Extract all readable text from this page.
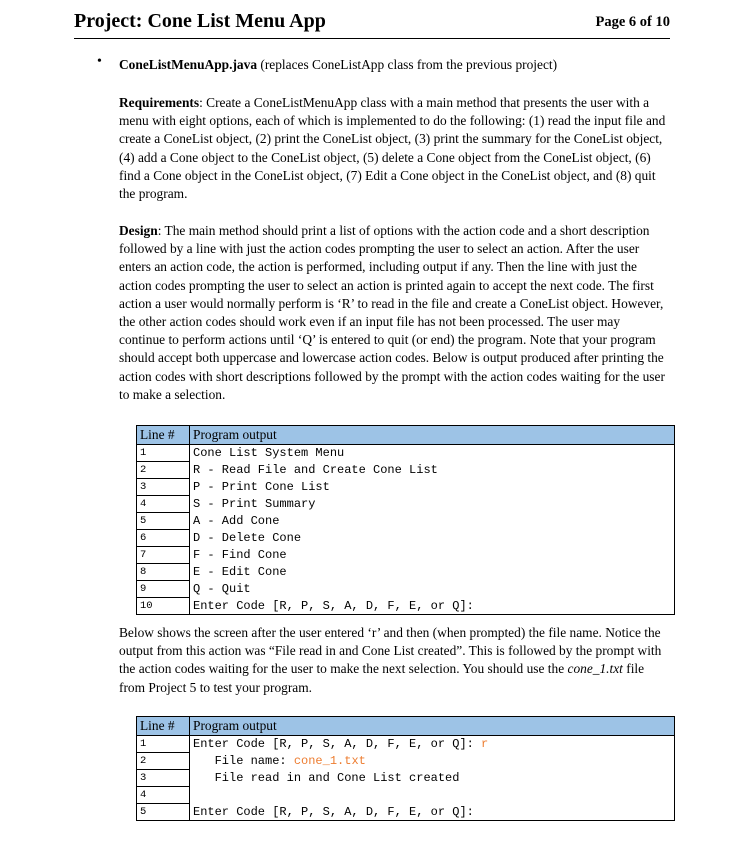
Project: Cone List Menu App	Page 6 of 10
• ConeListMenuApp.java (replaces ConeListApp class from the previous project)

Requirements: Create a ConeListMenuApp class with a main method that presents the user with a menu with eight options, each of which is implemented to do the following: (1) read the input file and create a ConeList object, (2) print the ConeList object, (3) print the summary for the ConeList object, (4) add a Cone object to the ConeList object, (5) delete a Cone object from the ConeList object, (6) find a Cone object in the ConeList object, (7) Edit a Cone object in the ConeList object, and (8) quit the program.

Design: The main method should print a list of options with the action code and a short description followed by a line with just the action codes prompting the user to select an action. After the user enters an action code, the action is performed, including output if any. Then the line with just the action codes prompting the user to select an action is printed again to accept the next code. The first action a user would normally perform is ‘R’ to read in the file and create a ConeList object. However, the other action codes should work even if an input file has not been processed. The user may continue to perform actions until ‘Q’ is entered to quit (or end) the program. Note that your program should accept both uppercase and lowercase action codes. Below is output produced after printing the action codes with short descriptions followed by the prompt with the action codes waiting for the user to make a selection.

Line #	Program output
1	Cone List System Menu
2	R - Read File and Create Cone List
3	P - Print Cone List
4	S - Print Summary
5	A - Add Cone
6	D - Delete Cone
7	F - Find Cone
8	E - Edit Cone
9	Q - Quit
10	Enter Code [R, P, S, A, D, F, E, or Q]:

Below shows the screen after the user entered ‘r’ and then (when prompted) the file name. Notice the output from this action was “File read in and Cone List created”. This is followed by the prompt with the action codes waiting for the user to make the next selection. You should use the cone_1.txt file from Project 5 to test your program.

Line #	Program output
1	Enter Code [R, P, S, A, D, F, E, or Q]: r
2	File name: cone_1.txt
3	File read in and Cone List created
4	
5	Enter Code [R, P, S, A, D, F, E, or Q]:
